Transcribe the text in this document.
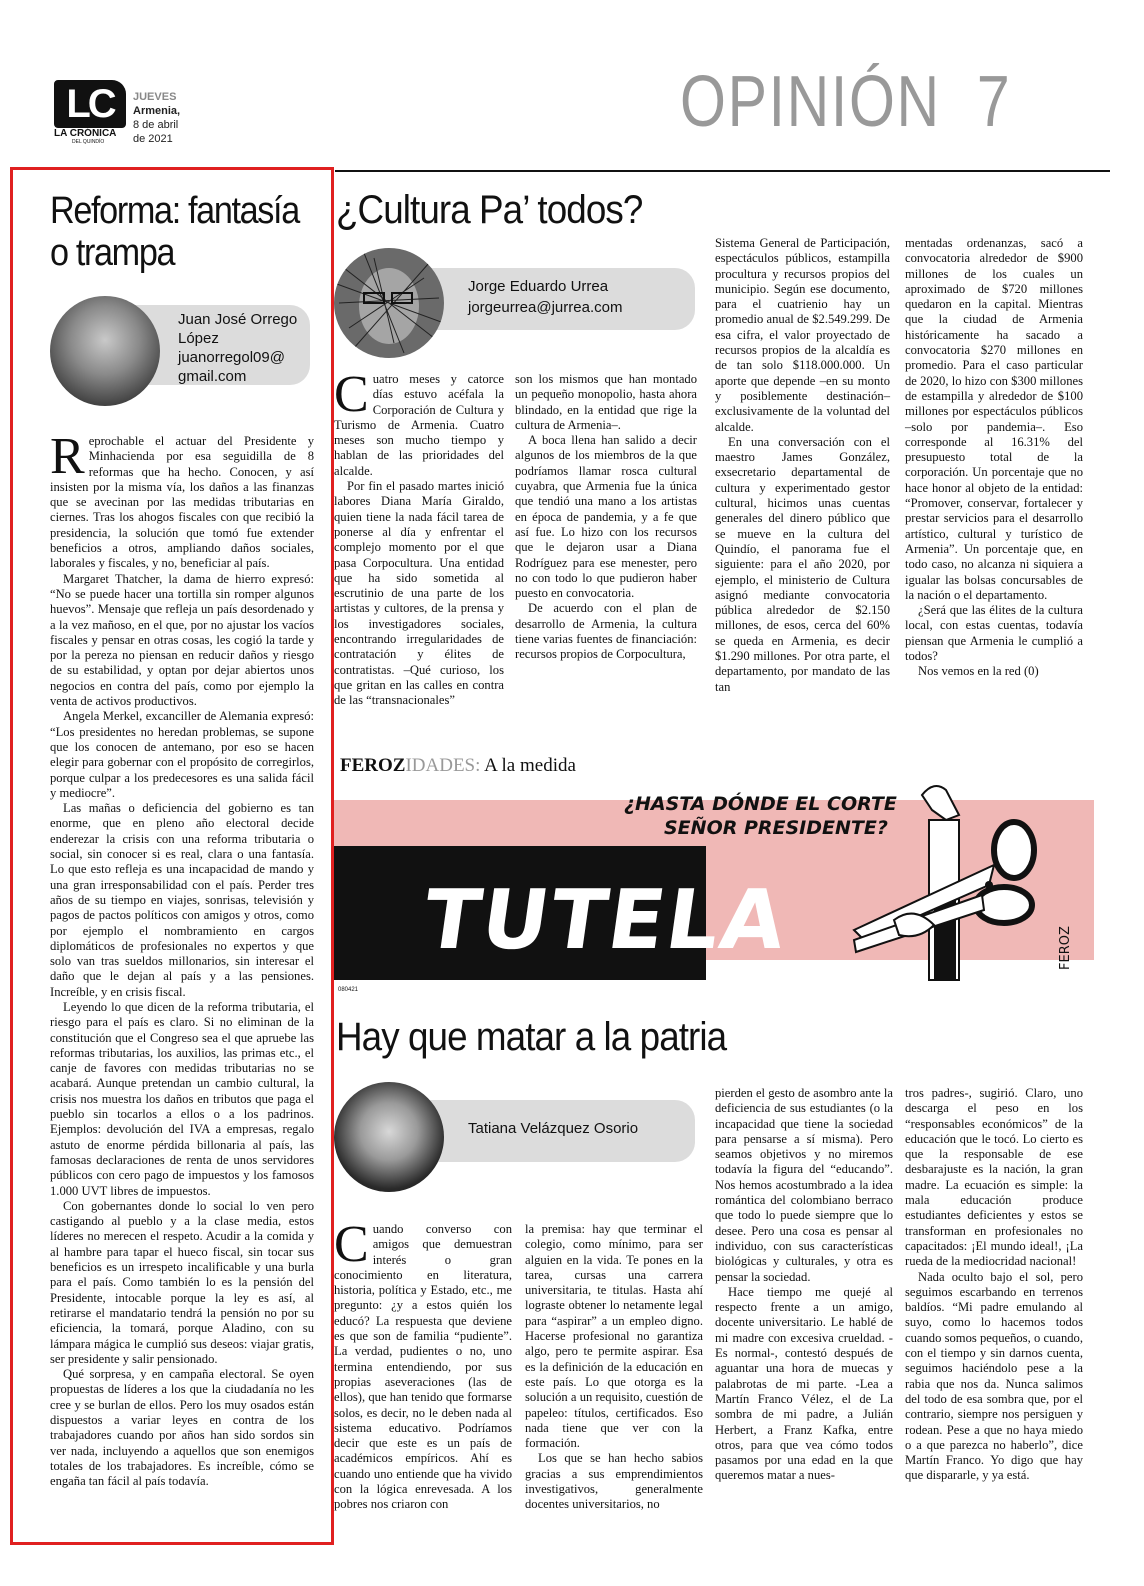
LC
LA CRÓNICA
DEL QUINDÍO
JUEVES
Armenia,
8 de abril
de 2021	OPINIÓN 7
Reforma: fantasía
o trampa
Juan José Orrego
López
juanorregol09@
gmail.com

Reprochable el actuar del Presidente y Minhacienda por esa seguidilla de 8 reformas que ha hecho. Conocen, y así insisten por la misma vía, los daños a las finanzas que se avecinan por las medidas tributarias en ciernes. Tras los ahogos fiscales con que recibió la presidencia, la solución que tomó fue extender beneficios a otros, ampliando daños sociales, laborales y fiscales, y no, beneficiar al país.

Margaret Thatcher, la dama de hierro expresó: “No se puede hacer una tortilla sin romper algunos huevos”. Mensaje que refleja un país desordenado y a la vez mañoso, en el que, por no ajustar los vacíos fiscales y pensar en otras cosas, les cogió la tarde y por la pereza no piensan en reducir daños y riesgo de su estabilidad, y optan por dejar abiertos unos negocios en contra del país, como por ejemplo la venta de activos productivos.

Angela Merkel, excanciller de Alemania expresó: “Los presidentes no heredan problemas, se supone que los conocen de antemano, por eso se hacen elegir para gobernar con el propósito de corregirlos, porque culpar a los predecesores es una salida fácil y mediocre”.

Las mañas o deficiencia del gobierno es tan enorme, que en pleno año electoral decide enderezar la crisis con una reforma tributaria o social, sin conocer si es real, clara o una fantasía. Lo que esto refleja es una incapacidad de mando y una gran irresponsabilidad con el país. Perder tres años de su tiempo en viajes, sonrisas, televisión y pagos de pactos políticos con amigos y otros, como por ejemplo el nombramiento en cargos diplomáticos de profesionales no expertos y que solo van tras sueldos millonarios, sin interesar el daño que le dejan al país y a las pensiones. Increíble, y en crisis fiscal.

Leyendo lo que dicen de la reforma tributaria, el riesgo para el país es claro. Si no eliminan de la constitución que el Congreso sea el que apruebe las reformas tributarias, los auxilios, las primas etc., el canje de favores con medidas tributarias no se acabará. Aunque pretendan un cambio cultural, la crisis nos muestra los daños en tributos que paga el pueblo sin tocarlos a ellos o a los padrinos. Ejemplos: devolución del IVA a empresas, regalo astuto de enorme pérdida billonaria al país, las famosas declaraciones de renta de unos servidores públicos con cero pago de impuestos y los famosos 1.000 UVT libres de impuestos.

Con gobernantes donde lo social lo ven pero castigando al pueblo y a la clase media, estos líderes no merecen el respeto. Acudir a la comida y al hambre para tapar el hueco fiscal, sin tocar sus beneficios es un irrespeto incalificable y una burla para el país. Como también lo es la pensión del Presidente, intocable porque la ley es así, al retirarse el mandatario tendrá la pensión no por su eficiencia, la tomará, porque Aladino, con su lámpara mágica le cumplió sus deseos: viajar gratis, ser presidente y salir pensionado.

Qué sorpresa, y en campaña electoral. Se oyen propuestas de líderes a los que la ciudadanía no les cree y se burlan de ellos. Pero los muy osados están dispuestos a variar leyes en contra de los trabajadores cuando por años han sido sordos sin ver nada, incluyendo a aquellos que son enemigos totales de los trabajadores. Es increíble, cómo se engaña tan fácil al país todavía.

¿Cultura Pa’ todos?
Jorge Eduardo Urrea
jorgeurrea@jurrea.com

Cuatro meses y catorce días estuvo acéfala la Corporación de Cultura y Turismo de Armenia. Cuatro meses son mucho tiempo y hablan de las prioridades del alcalde.

Por fin el pasado martes inició labores Diana María Giraldo, quien tiene la nada fácil tarea de ponerse al día y enfrentar el complejo momento por el que pasa Corpocultura. Una entidad que ha sido sometida al escrutinio de una parte de los artistas y cultores, de la prensa y los investigadores sociales, encontrando irregularidades de contratación y élites de contratistas. –Qué curioso, los que gritan en las calles en contra de las “transnacionales”

son los mismos que han montado un pequeño monopolio, hasta ahora blindado, en la entidad que rige la cultura de Armenia–.

A boca llena han salido a decir algunos de los miembros de la que podríamos llamar rosca cultural cuyabra, que Armenia fue la única que tendió una mano a los artistas en época de pandemia, y a fe que así fue. Lo hizo con los recursos que le dejaron usar a Diana Rodríguez para ese menester, pero no con todo lo que pudieron haber puesto en convocatoria.

De acuerdo con el plan de desarrollo de Armenia, la cultura tiene varias fuentes de financiación: recursos propios de Corpocultura,

Sistema General de Participación, espectáculos públicos, estampilla procultura y recursos propios del municipio. Según ese documento, para el cuatrienio hay un promedio anual de $2.549.299. De esa cifra, el valor proyectado de recursos propios de la alcaldía es de tan solo $118.000.000. Un aporte que depende –en su monto y posiblemente destinación– exclusivamente de la voluntad del alcalde.

En una conversación con el maestro James González, exsecretario departamental de cultura y experimentado gestor cultural, hicimos unas cuentas generales del dinero público que se mueve en la cultura del Quindío, el panorama fue el siguiente: para el año 2020, por ejemplo, el ministerio de Cultura asignó mediante convocatoria pública alrededor de $2.150 millones, de esos, cerca del 60% se queda en Armenia, es decir $1.290 millones. Por otra parte, el departamento, por mandato de las tan

mentadas ordenanzas, sacó a convocatoria alrededor de $900 millones de los cuales un aproximado de $720 millones quedaron en la capital. Mientras que la ciudad de Armenia históricamente ha sacado a convocatoria $270 millones en promedio. Para el caso particular de 2020, lo hizo con $300 millones de estampilla y alrededor de $100 millones por espectáculos públicos –solo por pandemia–. Eso corresponde al 16.31% del presupuesto total de la corporación. Un porcentaje que no hace honor al objeto de la entidad: “Promover, conservar, fortalecer y prestar servicios para el desarrollo artístico, cultural y turístico de Armenia”. Un porcentaje que, en todo caso, no alcanza ni siquiera a igualar las bolsas concursables de la nación o el departamento.

¿Será que las élites de la cultura local, con estas cuentas, todavía piensan que Armenia le cumplió a todos?

Nos vemos en la red (0)

FEROZIDADES: A la medida
TUTELA
¿HASTA DÓNDE EL CORTE
SEÑOR PRESIDENTE?
FEROZ
080421
Hay que matar a la patria
Tatiana Velázquez Osorio

Cuando converso con amigos que demuestran interés o gran conocimiento en literatura, historia, política y Estado, etc., me pregunto: ¿y a estos quién los educó? La respuesta que deviene es que son de familia “pudiente”. La verdad, pudientes o no, uno termina entendiendo, por sus propias aseveraciones (las de ellos), que han tenido que formarse solos, es decir, no le deben nada al sistema educativo. Podríamos decir que este es un país de académicos empíricos. Ahí es cuando uno entiende que ha vivido con la lógica enrevesada. A los pobres nos criaron con

la premisa: hay que terminar el colegio, como mínimo, para ser alguien en la vida. Te pones en la tarea, cursas una carrera universitaria, te titulas. Hasta ahí lograste obtener lo netamente legal para “aspirar” a un empleo digno. Hacerse profesional no garantiza algo, pero te permite aspirar. Esa es la definición de la educación en este país. Lo que otorga es la solución a un requisito, cuestión de papeleo: títulos, certificados. Eso nada tiene que ver con la formación.

Los que se han hecho sabios gracias a sus emprendimientos investigativos, generalmente docentes universitarios, no

pierden el gesto de asombro ante la deficiencia de sus estudiantes (o la incapacidad que tiene la sociedad para pensarse a sí misma). Pero seamos objetivos y no miremos todavía la figura del “educando”. Nos hemos acostumbrado a la idea romántica del colombiano berraco que todo lo puede siempre que lo desee. Pero una cosa es pensar al individuo, con sus características biológicas y culturales, y otra es pensar la sociedad.

Hace tiempo me quejé al respecto frente a un amigo, docente universitario. Le hablé de mi madre con excesiva crueldad. -Es normal-, contestó después de aguantar una hora de muecas y palabrotas de mi parte. -Lea a Martín Franco Vélez, el de La sombra de mi padre, a Julián Herbert, a Franz Kafka, entre otros, para que vea cómo todos pasamos por una edad en la que queremos matar a nues-

tros padres-, sugirió. Claro, uno descarga el peso en los “responsables económicos” de la educación que le tocó. Lo cierto es que la responsable de ese desbarajuste es la nación, la gran madre. La ecuación es simple: la mala educación produce estudiantes deficientes y estos se transforman en profesionales no capacitados: ¡El mundo ideal!, ¡La rueda de la mediocridad nacional!

Nada oculto bajo el sol, pero seguimos escarbando en terrenos baldíos. “Mi padre emulando al suyo, como lo hacemos todos cuando somos pequeños, o cuando, con el tiempo y sin darnos cuenta, seguimos haciéndolo pese a la rabia que nos da. Nunca salimos del todo de esa sombra que, por el contrario, siempre nos persiguen y rodean. Pese a que no haya miedo o a que parezca no haberlo”, dice Martín Franco. Yo digo que hay que dispararle, y ya está.
